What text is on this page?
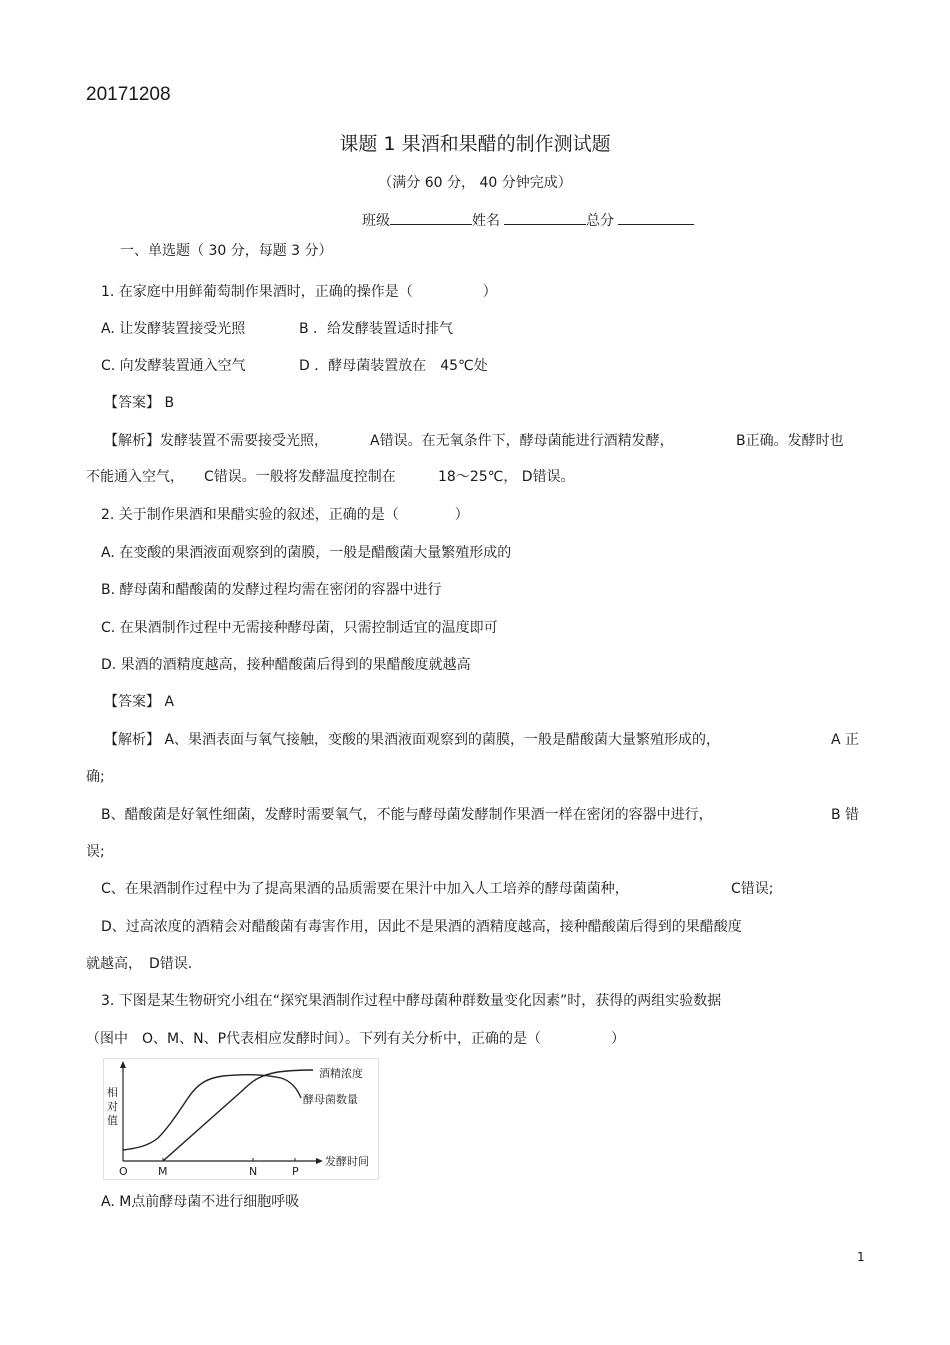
20171208
课题 1 果酒和果醋的制作测试题
（满分 60 分， 40 分钟完成）
班级	姓名	总分
一、单选题（ 30 分，每题 3 分）
1. 在家庭中用鲜葡萄制作果酒时，正确的操作是（　　　　　）
A. 让发酵装置接受光照	B ．给发酵装置适时排气
C. 向发酵装置通入空气	D ．酵母菌装置放在　45℃处
【答案】 B
【解析】发酵装置不需要接受光照，	A错误。在无氧条件下，酵母菌能进行酒精发酵，	B正确。发酵时也
不能通入空气， C错误。一般将发酵温度控制在	18～25℃， D错误。
2. 关于制作果酒和果醋实验的叙述，正确的是（　　　　）
A. 在变酸的果酒液面观察到的菌膜，一般是醋酸菌大量繁殖形成的
B. 酵母菌和醋酸菌的发酵过程均需在密闭的容器中进行
C. 在果酒制作过程中无需接种酵母菌，只需控制适宜的温度即可
D. 果酒的酒精度越高，接种醋酸菌后得到的果醋酸度就越高
【答案】 A
【解析】 A、果酒表面与氧气接触，变酸的果酒液面观察到的菌膜，一般是醋酸菌大量繁殖形成的，	A 正
确;
B、醋酸菌是好氧性细菌，发酵时需要氧气，不能与酵母菌发酵制作果酒一样在密闭的容器中进行，	B 错
误;
C、在果酒制作过程中为了提高果酒的品质需要在果汁中加入人工培养的酵母菌菌种，	C错误;
D、过高浓度的酒精会对醋酸菌有毒害作用，因此不是果酒的酒精度越高，接种醋酸菌后得到的果醋酸度
就越高，　D错误.
3. 下图是某生物研究小组在“探究果酒制作过程中酵母菌种群数量变化因素”时，获得的两组实验数据
（图中　O、M、N、P代表相应发酵时间）。下列有关分析中，正确的是（　　　　　）
相
对
值
酒精浓度
酵母菌数量
O	M	N	P
发酵时间
A. M点前酵母菌不进行细胞呼吸
1
